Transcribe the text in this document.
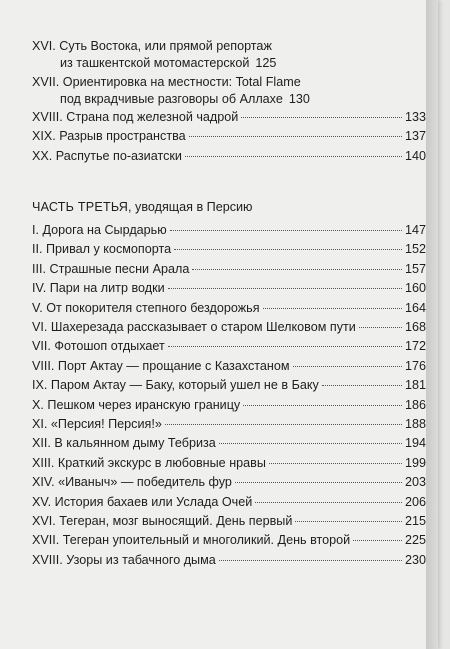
XVI. Суть Востока, или прямой репортаж
из ташкентской мотомастерской 125
XVII. Ориентировка на местности: Total Flame
под вкрадчивые разговоры об Аллахе 130
XVIII. Страна под железной чадрой	133
XIX. Разрыв пространства	137
XX. Распутье по-азиатски	140
ЧАСТЬ ТРЕТЬЯ, уводящая в Персию
I. Дорога на Сырдарью	147
II. Привал у космопорта	152
III. Страшные песни Арала	157
IV. Пари на литр водки	160
V. От покорителя степного бездорожья	164
VI. Шахерезада рассказывает о старом Шелковом пути	168
VII. Фотошоп отдыхает	172
VIII. Порт Актау — прощание с Казахстаном	176
IX. Паром Актау — Баку, который ушел не в Баку	181
X. Пешком через иранскую границу	186
XI. «Персия! Персия!»	188
XII. В кальянном дыму Тебриза	194
XIII. Краткий экскурс в любовные нравы	199
XIV. «Иваныч» — победитель фур	203
XV. История бахаев или Услада Очей	206
XVI. Тегеран, мозг выносящий. День первый	215
XVII. Тегеран упоительный и многоликий. День второй	225
XVIII. Узоры из табачного дыма	230
